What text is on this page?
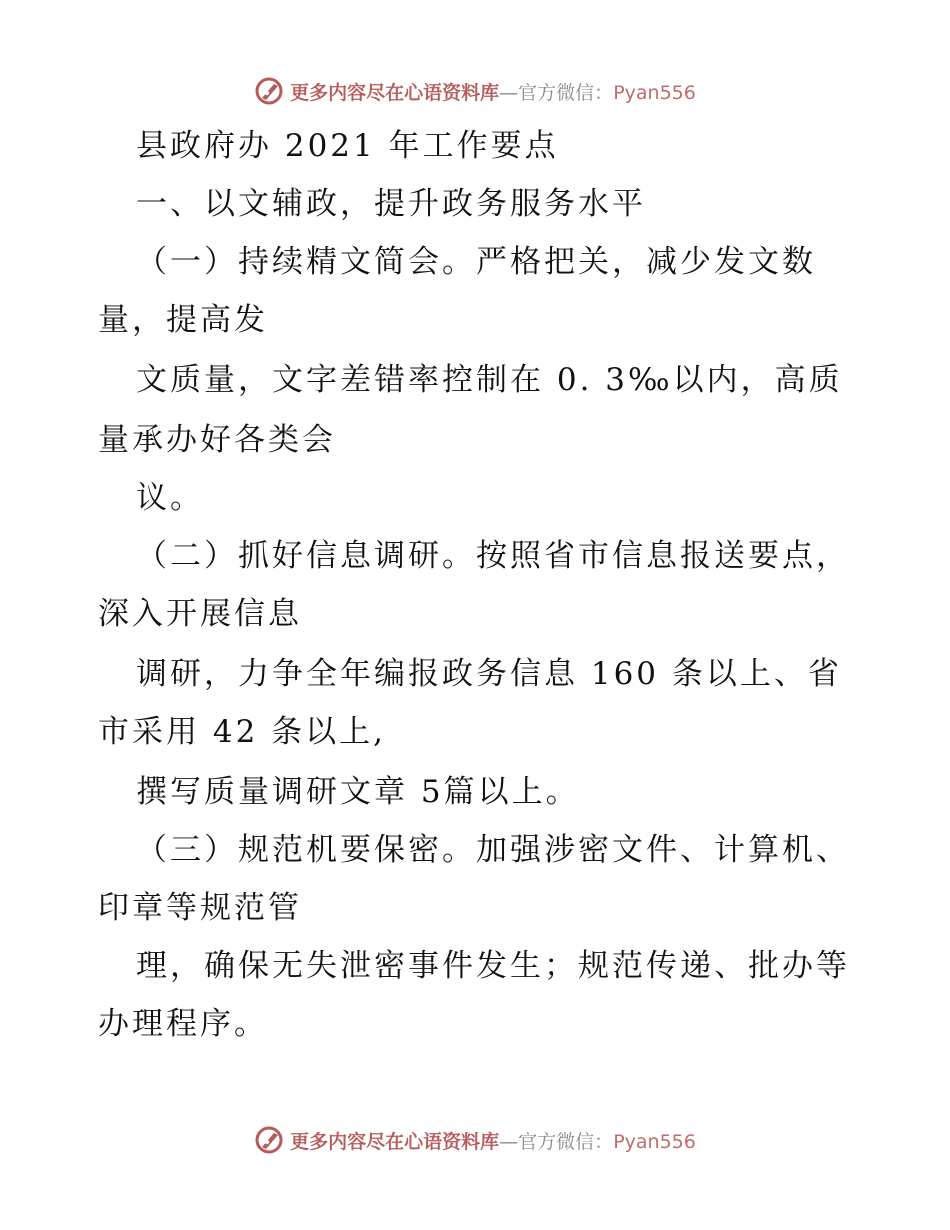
更多内容尽在心语资料库—官方微信：Pyan556
县政府办 2021 年工作要点
一、以文辅政，提升政务服务水平
（一）持续精文简会。严格把关，减少发文数
量，提高发
文质量，文字差错率控制在 0. 3‰以内，高质
量承办好各类会
议。
（二）抓好信息调研。按照省市信息报送要点，
深入开展信息
调研，力争全年编报政务信息 160 条以上、省
市采用 42 条以上,
撰写质量调研文章 5篇以上。
（三）规范机要保密。加强涉密文件、计算机、
印章等规范管
理，确保无失泄密事件发生；规范传递、批办等
办理程序。
更多内容尽在心语资料库—官方微信：Pyan556
